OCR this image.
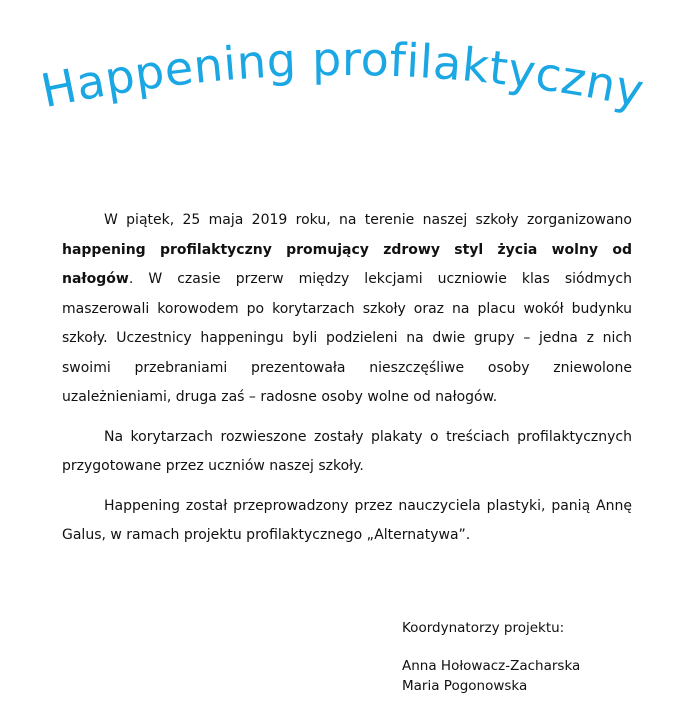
Happening profilaktyczny

W piątek, 25 maja 2019 roku, na terenie naszej szkoły zorganizowano happening profilaktyczny promujący zdrowy styl życia wolny od nałogów. W czasie przerw między lekcjami uczniowie klas siódmych maszerowali korowodem po korytarzach szkoły oraz na placu wokół budynku szkoły. Uczestnicy happeningu byli podzieleni na dwie grupy – jedna z nich swoimi przebraniami prezentowała nieszczęśliwe osoby zniewolone uzależnieniami, druga zaś – radosne osoby wolne od nałogów.

Na korytarzach rozwieszone zostały plakaty o treściach profilaktycznych przygotowane przez uczniów naszej szkoły.

Happening został przeprowadzony przez nauczyciela plastyki, panią Annę Galus, w ramach projektu profilaktycznego „Alternatywa”.

Koordynatorzy projektu:
Anna Hołowacz-Zacharska
Maria Pogonowska
